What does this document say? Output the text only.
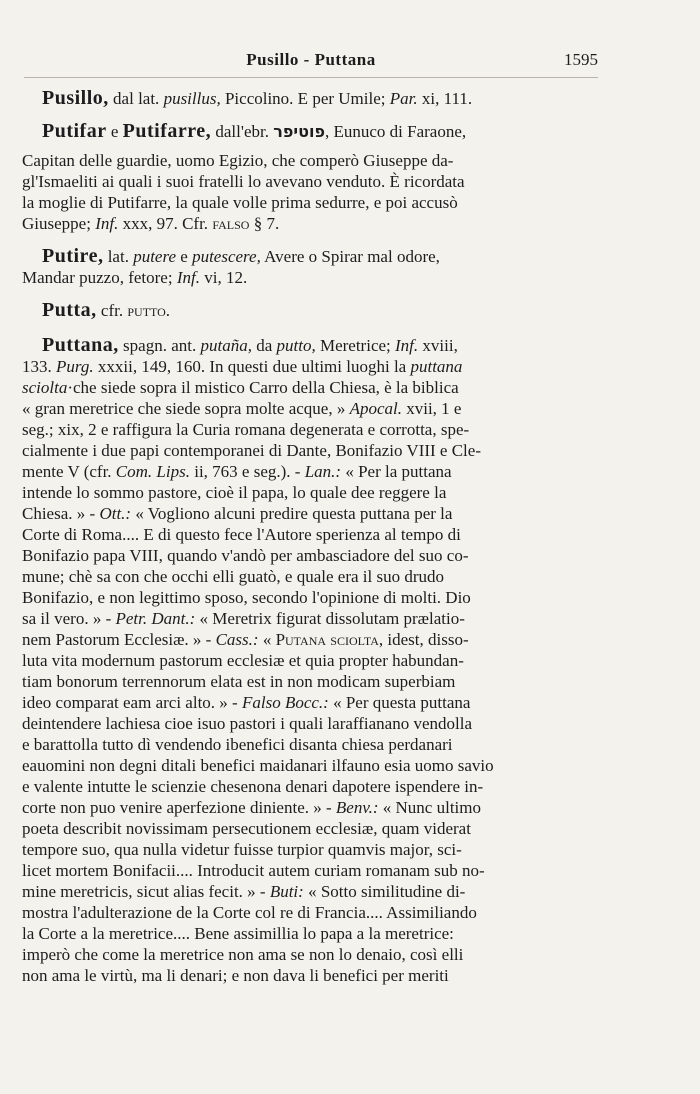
Pusillo - Puttana	1595

Pusillo, dal lat. pusillus, Piccolino. E per Umile; Par. xi, 111.

Putifar e Putifarre, dall'ebr. פוטיפר, Eunuco di Faraone,
Capitan delle guardie, uomo Egizio, che comperò Giuseppe da-
gl'Ismaeliti ai quali i suoi fratelli lo avevano venduto. È ricordata
la moglie di Putifarre, la quale volle prima sedurre, e poi accusò
Giuseppe; Inf. xxx, 97. Cfr. falso § 7.

Putire, lat. putere e putescere, Avere o Spirar mal odore,
Mandar puzzo, fetore; Inf. vi, 12.

Putta, cfr. putto.

Puttana, spagn. ant. putaña, da putto, Meretrice; Inf. xviii,
133. Purg. xxxii, 149, 160. In questi due ultimi luoghi la puttana
sciolta·che siede sopra il mistico Carro della Chiesa, è la biblica
« gran meretrice che siede sopra molte acque, » Apocal. xvii, 1 e
seg.; xix, 2 e raffigura la Curia romana degenerata e corrotta, spe-
cialmente i due papi contemporanei di Dante, Bonifazio VIII e Cle-
mente V (cfr. Com. Lips. ii, 763 e seg.). - Lan.: « Per la puttana
intende lo sommo pastore, cioè il papa, lo quale dee reggere la
Chiesa. » - Ott.: « Vogliono alcuni predire questa puttana per la
Corte di Roma.... E di questo fece l'Autore sperienza al tempo di
Bonifazio papa VIII, quando v'andò per ambasciadore del suo co-
mune; chè sa con che occhi elli guatò, e quale era il suo drudo
Bonifazio, e non legittimo sposo, secondo l'opinione di molti. Dio
sa il vero. » - Petr. Dant.: « Meretrix figurat dissolutam prælatio-
nem Pastorum Ecclesiæ. » - Cass.: « Putana sciolta, idest, disso-
luta vita modernum pastorum ecclesiæ et quia propter habundan-
tiam bonorum terrennorum elata est in non modicam superbiam
ideo comparat eam arci alto. » - Falso Bocc.: « Per questa puttana
deintendere lachiesa cioe isuo pastori i quali laraffianano vendolla
e barattolla tutto dì vendendo ibenefici disanta chiesa perdanari
eauomini non degni ditali benefici maidanari ilfauno esia uomo savio
e valente intutte le scienzie chesenona denari dapotere ispendere in-
corte non puo venire aperfezione diniente. » - Benv.: « Nunc ultimo
poeta describit novissimam persecutionem ecclesiæ, quam viderat
tempore suo, qua nulla videtur fuisse turpior quamvis major, sci-
licet mortem Bonifacii.... Introducit autem curiam romanam sub no-
mine meretricis, sicut alias fecit. » - Buti: « Sotto similitudine di-
mostra l'adulterazione de la Corte col re di Francia.... Assimiliando
la Corte a la meretrice.... Bene assimillia lo papa a la meretrice:
imperò che come la meretrice non ama se non lo denaio, così elli
non ama le virtù, ma li denari; e non dava li benefici per meriti
